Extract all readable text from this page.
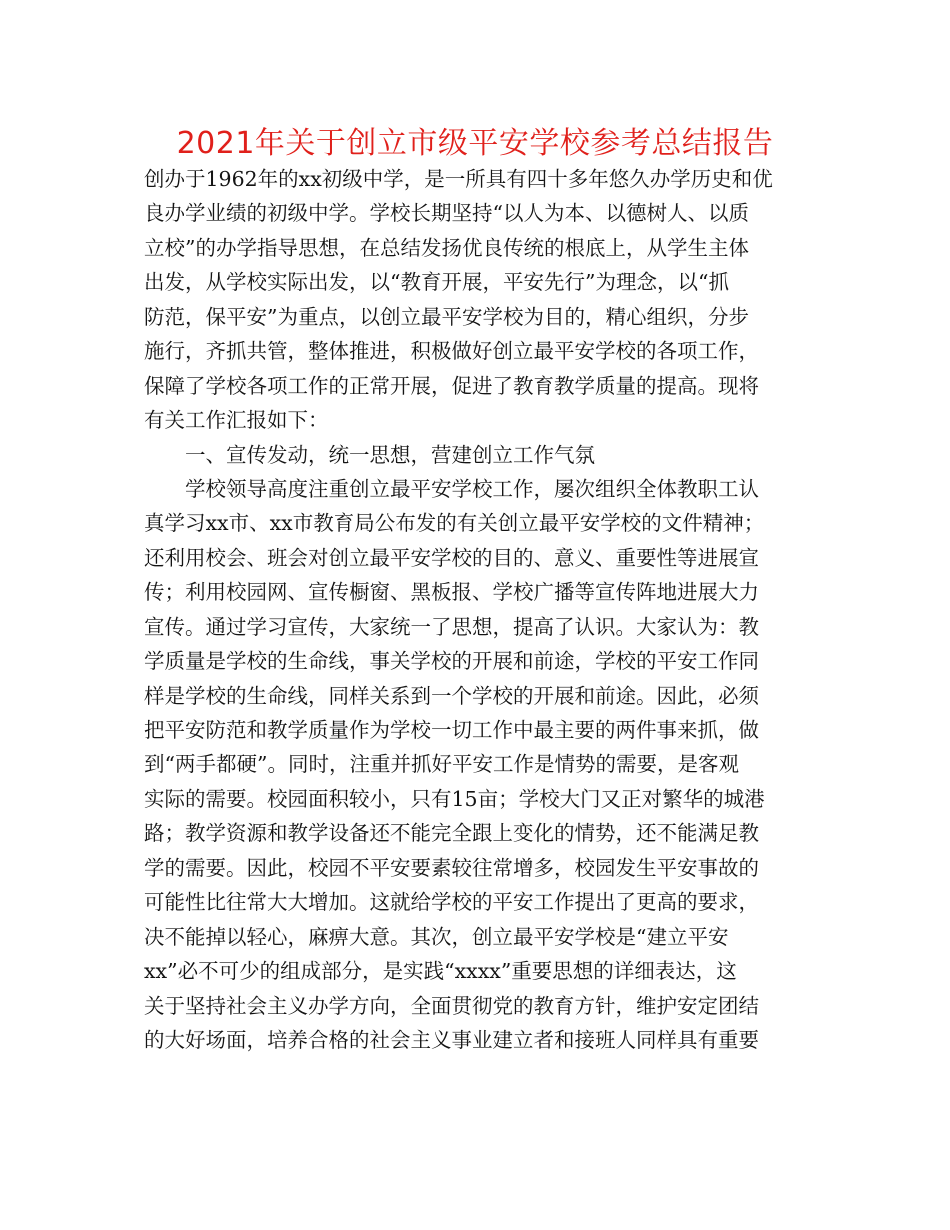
2021年关于创立市级平安学校参考总结报告
创办于1962年的xx初级中学，是一所具有四十多年悠久办学历史和优
良办学业绩的初级中学。学校长期坚持“以人为本、以德树人、以质
立校”的办学指导思想，在总结发扬优良传统的根底上，从学生主体
出发，从学校实际出发，以“教育开展，平安先行”为理念，以“抓
防范，保平安”为重点，以创立最平安学校为目的，精心组织，分步
施行，齐抓共管，整体推进，积极做好创立最平安学校的各项工作，
保障了学校各项工作的正常开展，促进了教育教学质量的提高。现将
有关工作汇报如下：
一、宣传发动，统一思想，营建创立工作气氛
学校领导高度注重创立最平安学校工作，屡次组织全体教职工认
真学习xx市、xx市教育局公布发的有关创立最平安学校的文件精神；
还利用校会、班会对创立最平安学校的目的、意义、重要性等进展宣
传；利用校园网、宣传橱窗、黑板报、学校广播等宣传阵地进展大力
宣传。通过学习宣传，大家统一了思想，提高了认识。大家认为：教
学质量是学校的生命线，事关学校的开展和前途，学校的平安工作同
样是学校的生命线，同样关系到一个学校的开展和前途。因此，必须
把平安防范和教学质量作为学校一切工作中最主要的两件事来抓，做
到“两手都硬”。同时，注重并抓好平安工作是情势的需要，是客观
实际的需要。校园面积较小，只有15亩；学校大门又正对繁华的城港
路；教学资源和教学设备还不能完全跟上变化的情势，还不能满足教
学的需要。因此，校园不平安要素较往常增多，校园发生平安事故的
可能性比往常大大增加。这就给学校的平安工作提出了更高的要求，
决不能掉以轻心，麻痹大意。其次，创立最平安学校是“建立平安
xx”必不可少的组成部分，是实践“xxxx”重要思想的详细表达，这
关于坚持社会主义办学方向，全面贯彻党的教育方针，维护安定团结
的大好场面，培养合格的社会主义事业建立者和接班人同样具有重要
